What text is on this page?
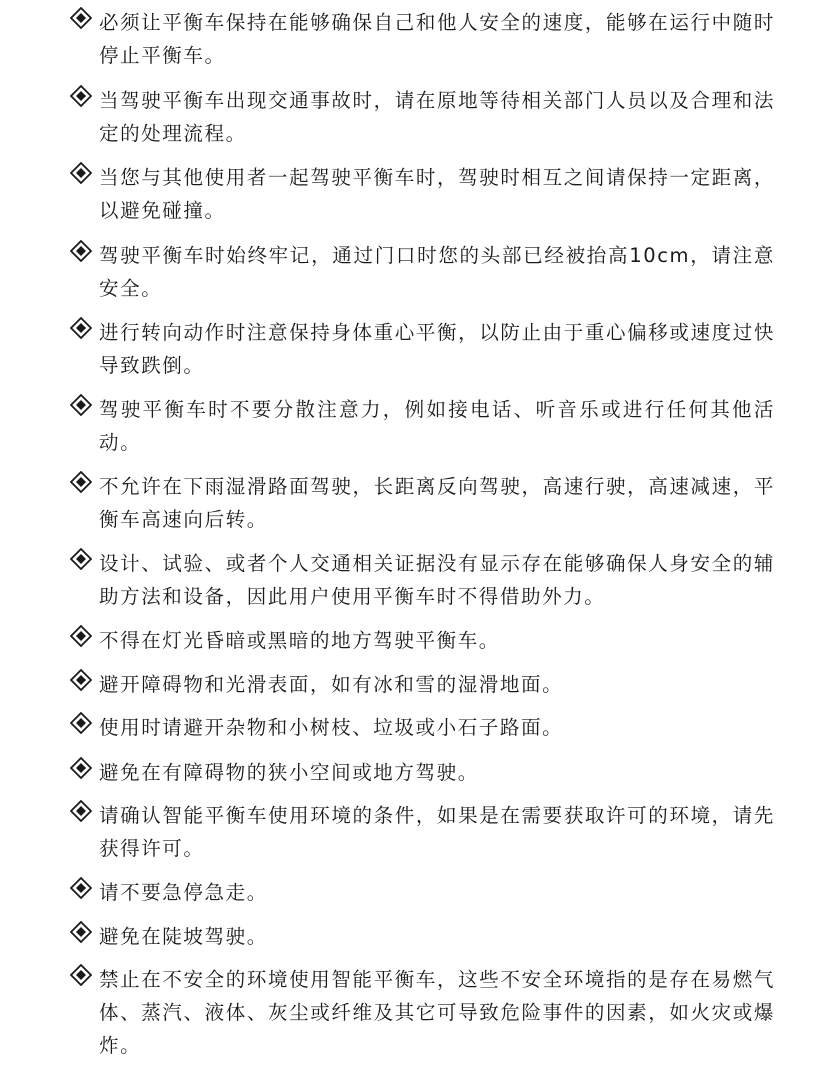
必须让平衡车保持在能够确保自己和他人安全的速度，能够在运行中随时停止平衡车。
当驾驶平衡车出现交通事故时，请在原地等待相关部门人员以及合理和法定的处理流程。
当您与其他使用者一起驾驶平衡车时，驾驶时相互之间请保持一定距离，以避免碰撞。
驾驶平衡车时始终牢记，通过门口时您的头部已经被抬高10cm，请注意安全。
进行转向动作时注意保持身体重心平衡，以防止由于重心偏移或速度过快导致跌倒。
驾驶平衡车时不要分散注意力，例如接电话、听音乐或进行任何其他活动。
不允许在下雨湿滑路面驾驶，长距离反向驾驶，高速行驶，高速减速，平衡车高速向后转。
设计、试验、或者个人交通相关证据没有显示存在能够确保人身安全的辅助方法和设备，因此用户使用平衡车时不得借助外力。
不得在灯光昏暗或黑暗的地方驾驶平衡车。
避开障碍物和光滑表面，如有冰和雪的湿滑地面。
使用时请避开杂物和小树枝、垃圾或小石子路面。
避免在有障碍物的狭小空间或地方驾驶。
请确认智能平衡车使用环境的条件，如果是在需要获取许可的环境，请先获得许可。
请不要急停急走。
避免在陡坡驾驶。
禁止在不安全的环境使用智能平衡车，这些不安全环境指的是存在易燃气体、蒸汽、液体、灰尘或纤维及其它可导致危险事件的因素，如火灾或爆炸。
